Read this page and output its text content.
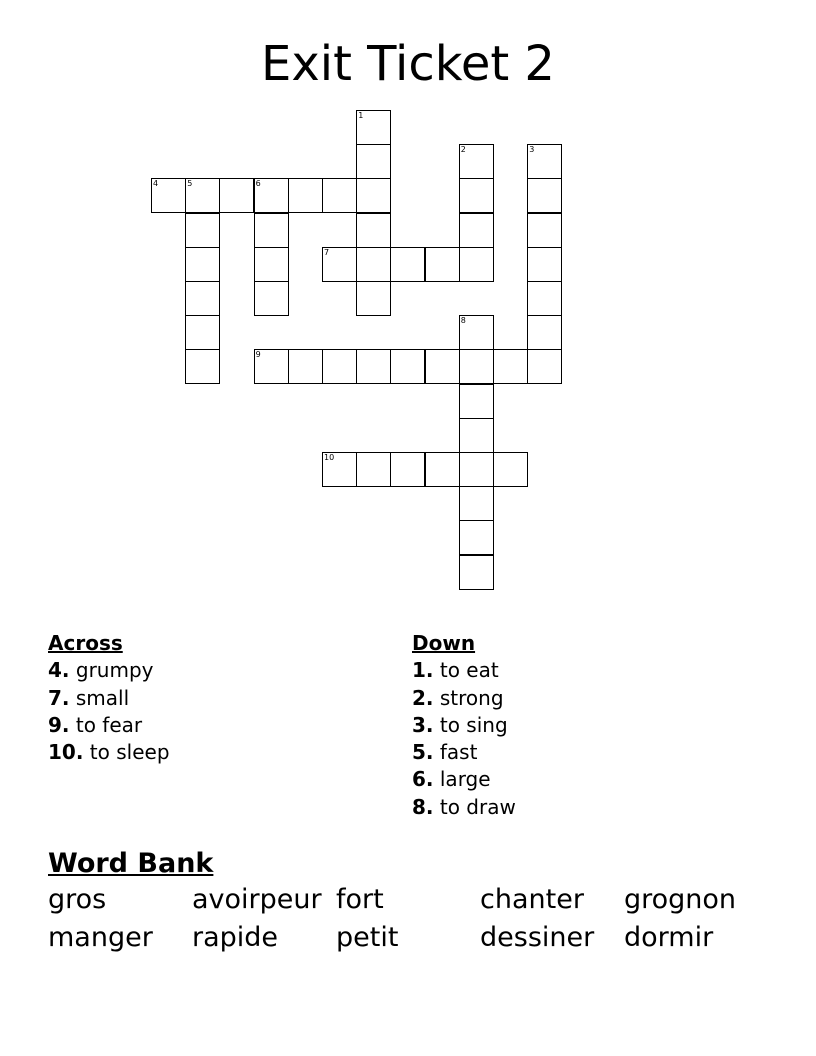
Exit Ticket 2
1
2	3
4	5	6
7
8
9
10
Across
4. grumpy
7. small
9. to fear
10. to sleep
Down
1. to eat
2. strong
3. to sing
5. fast
6. large
8. to draw
Word Bank
gros	avoirpeur fort	chanter	grognon
manger	rapide	petit	dessiner	dormir
